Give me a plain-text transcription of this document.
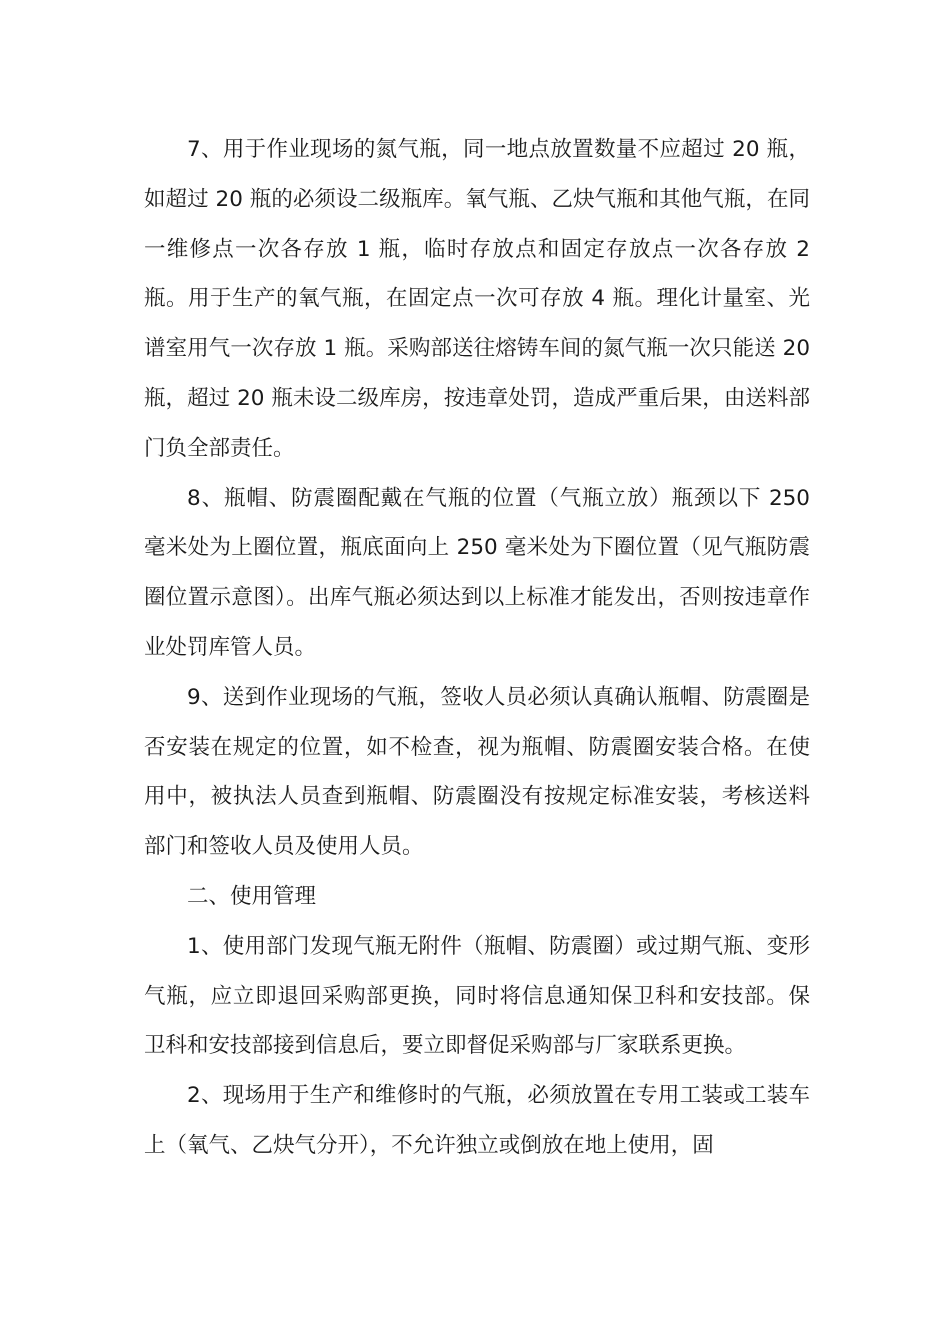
7、用于作业现场的氮气瓶，同一地点放置数量不应超过 20 瓶，如超过 20 瓶的必须设二级瓶库。氧气瓶、乙炔气瓶和其他气瓶，在同一维修点一次各存放 1 瓶，临时存放点和固定存放点一次各存放 2 瓶。用于生产的氧气瓶，在固定点一次可存放 4 瓶。理化计量室、光谱室用气一次存放 1 瓶。采购部送往熔铸车间的氮气瓶一次只能送 20 瓶，超过 20 瓶未设二级库房，按违章处罚，造成严重后果，由送料部门负全部责任。

8、瓶帽、防震圈配戴在气瓶的位置（气瓶立放）瓶颈以下 250 毫米处为上圈位置，瓶底面向上 250 毫米处为下圈位置（见气瓶防震圈位置示意图）。出库气瓶必须达到以上标准才能发出，否则按违章作业处罚库管人员。

9、送到作业现场的气瓶，签收人员必须认真确认瓶帽、防震圈是否安装在规定的位置，如不检查，视为瓶帽、防震圈安装合格。在使用中，被执法人员查到瓶帽、防震圈没有按规定标准安装，考核送料部门和签收人员及使用人员。

二、使用管理

1、使用部门发现气瓶无附件（瓶帽、防震圈）或过期气瓶、变形气瓶，应立即退回采购部更换，同时将信息通知保卫科和安技部。保卫科和安技部接到信息后，要立即督促采购部与厂家联系更换。

2、现场用于生产和维修时的气瓶，必须放置在专用工装或工装车上（氧气、乙炔气分开），不允许独立或倒放在地上使用，固
